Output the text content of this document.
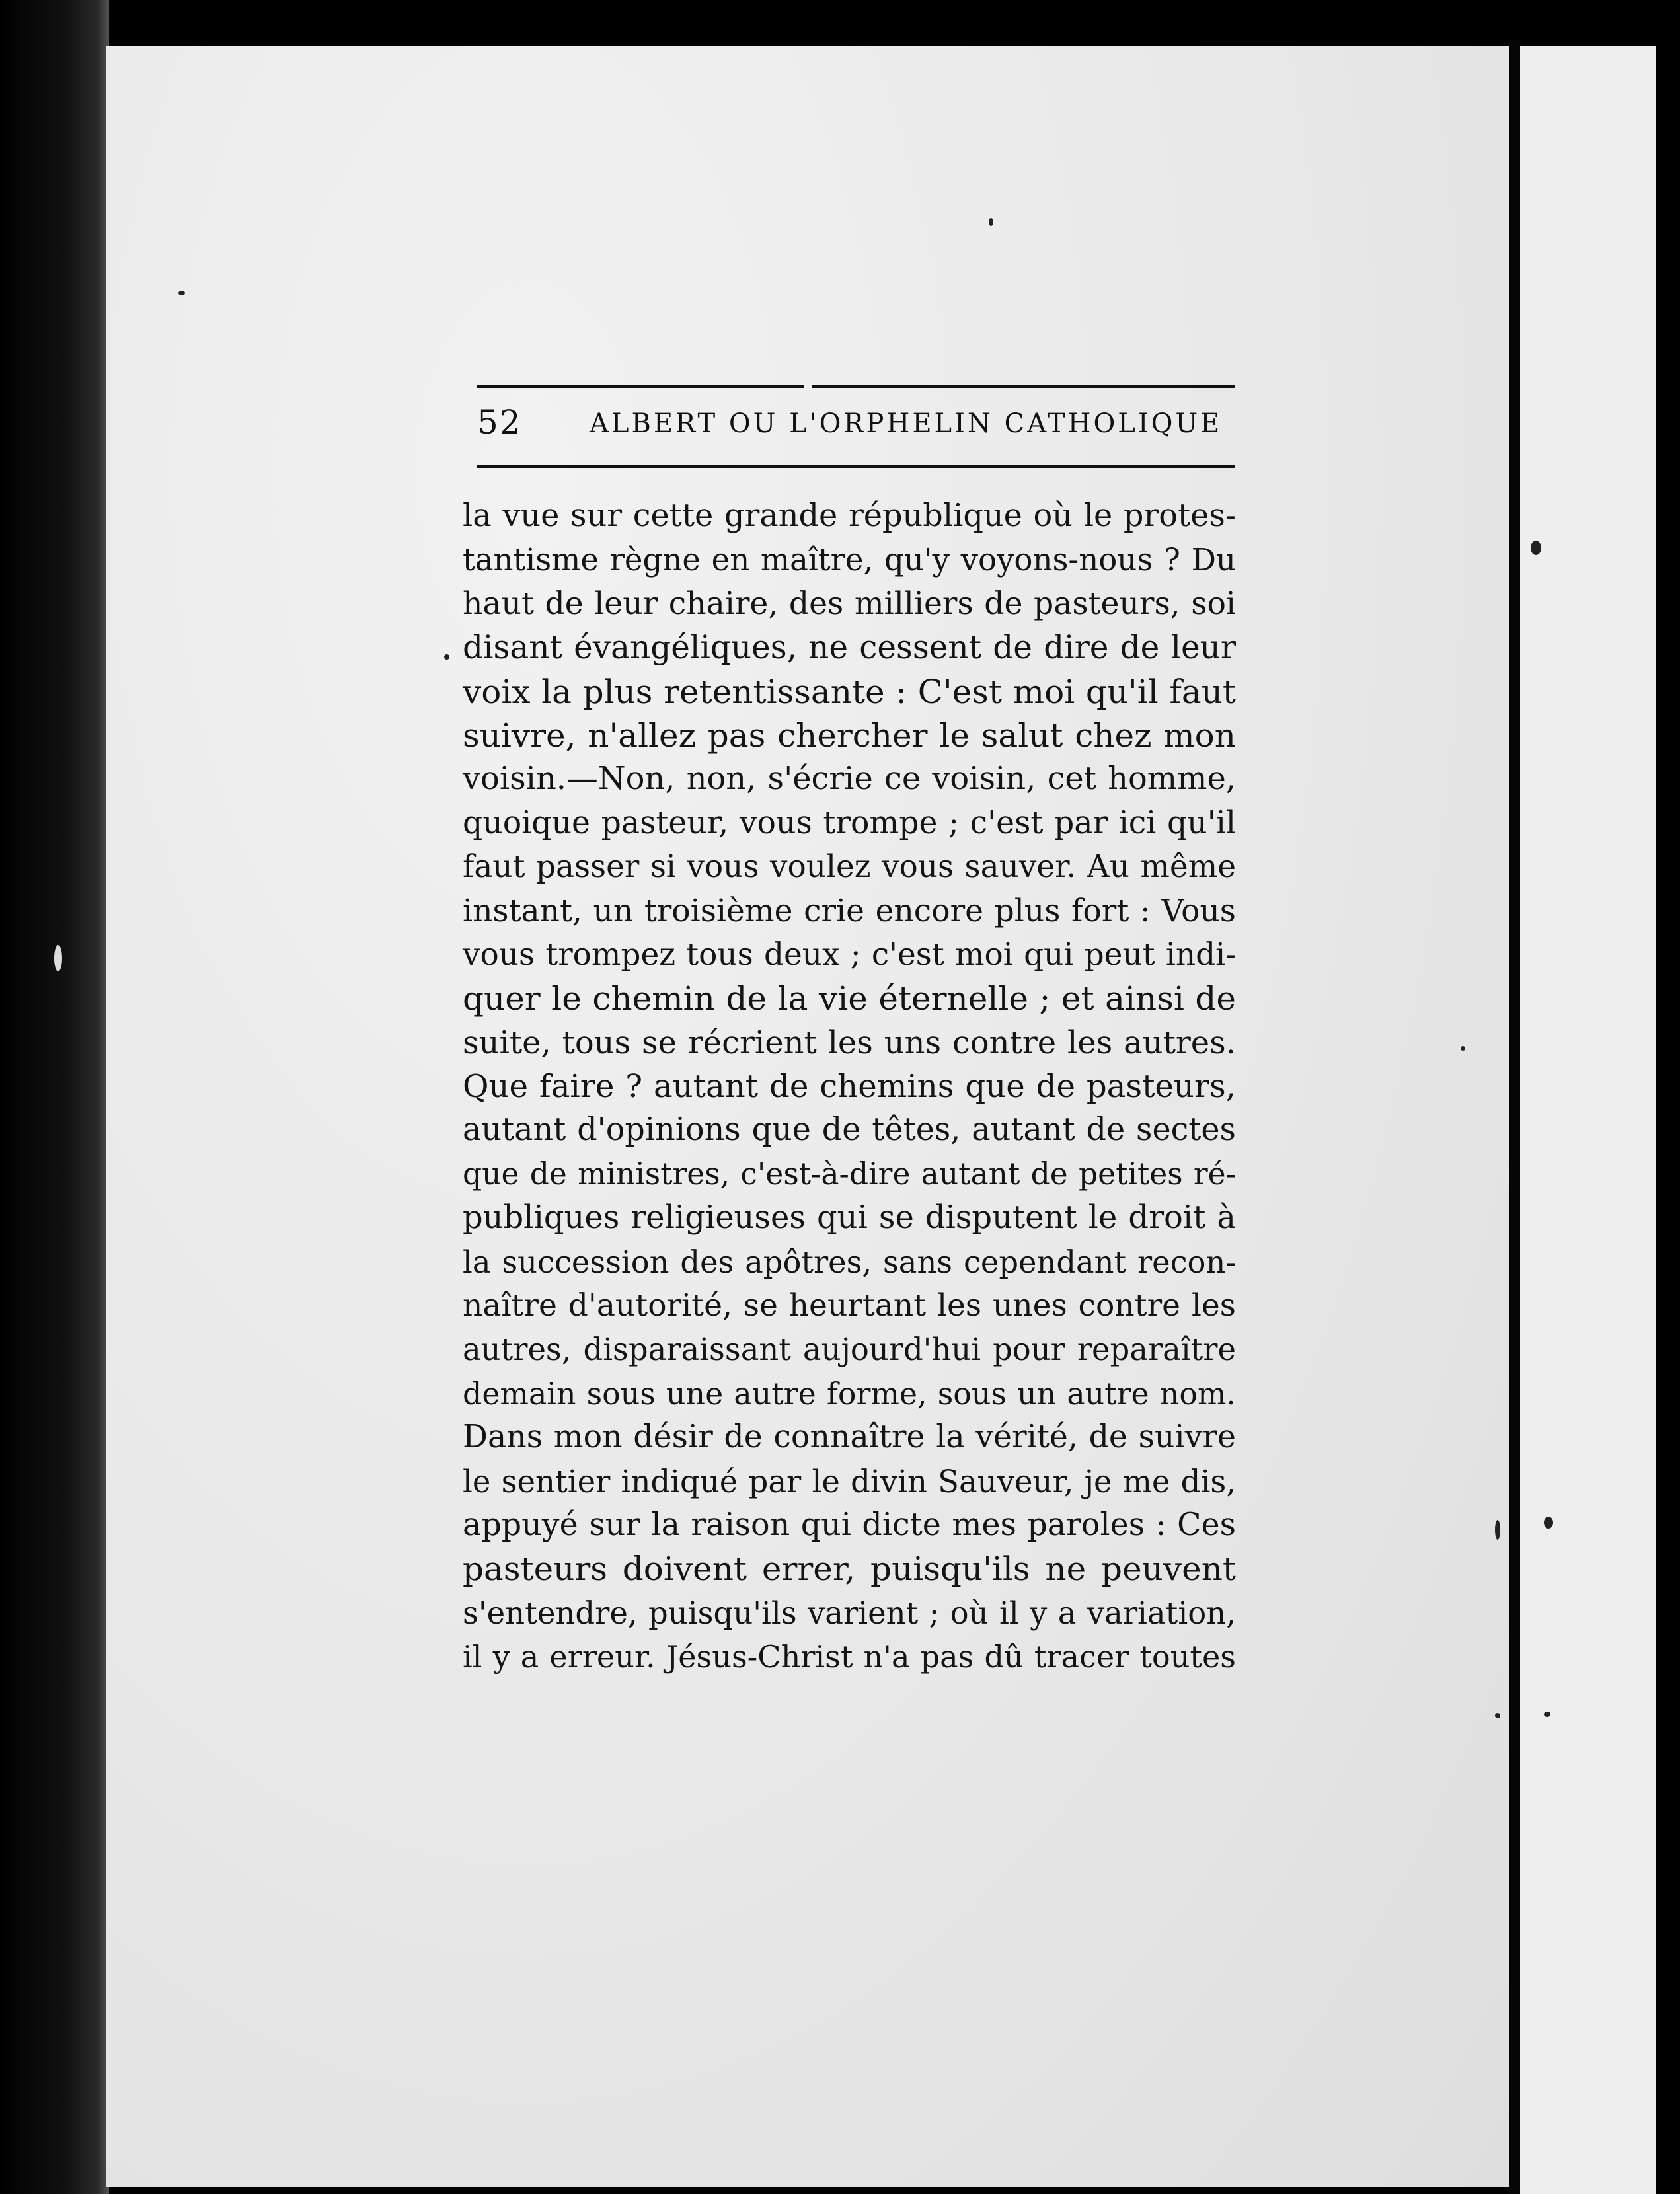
52	ALBERT OU L'ORPHELIN CATHOLIQUE
la vue sur cette grande république où le protes-
tantisme règne en maître, qu'y voyons-nous ? Du
haut de leur chaire, des milliers de pasteurs, soi
disant évangéliques, ne cessent de dire de leur
voix la plus retentissante : C'est moi qu'il faut
suivre, n'allez pas chercher le salut chez mon
voisin.—Non, non, s'écrie ce voisin, cet homme,
quoique pasteur, vous trompe ; c'est par ici qu'il
faut passer si vous voulez vous sauver. Au même
instant, un troisième crie encore plus fort : Vous
vous trompez tous deux ; c'est moi qui peut indi-
quer le chemin de la vie éternelle ; et ainsi de
suite, tous se récrient les uns contre les autres.
Que faire ? autant de chemins que de pasteurs,
autant d'opinions que de têtes, autant de sectes
que de ministres, c'est-à-dire autant de petites ré-
publiques religieuses qui se disputent le droit à
la succession des apôtres, sans cependant recon-
naître d'autorité, se heurtant les unes contre les
autres, disparaissant aujourd'hui pour reparaître
demain sous une autre forme, sous un autre nom.
Dans mon désir de connaître la vérité, de suivre
le sentier indiqué par le divin Sauveur, je me dis,
appuyé sur la raison qui dicte mes paroles : Ces
pasteurs doivent errer, puisqu'ils ne peuvent
s'entendre, puisqu'ils varient ; où il y a variation,
il y a erreur. Jésus-Christ n'a pas dû tracer toutes
